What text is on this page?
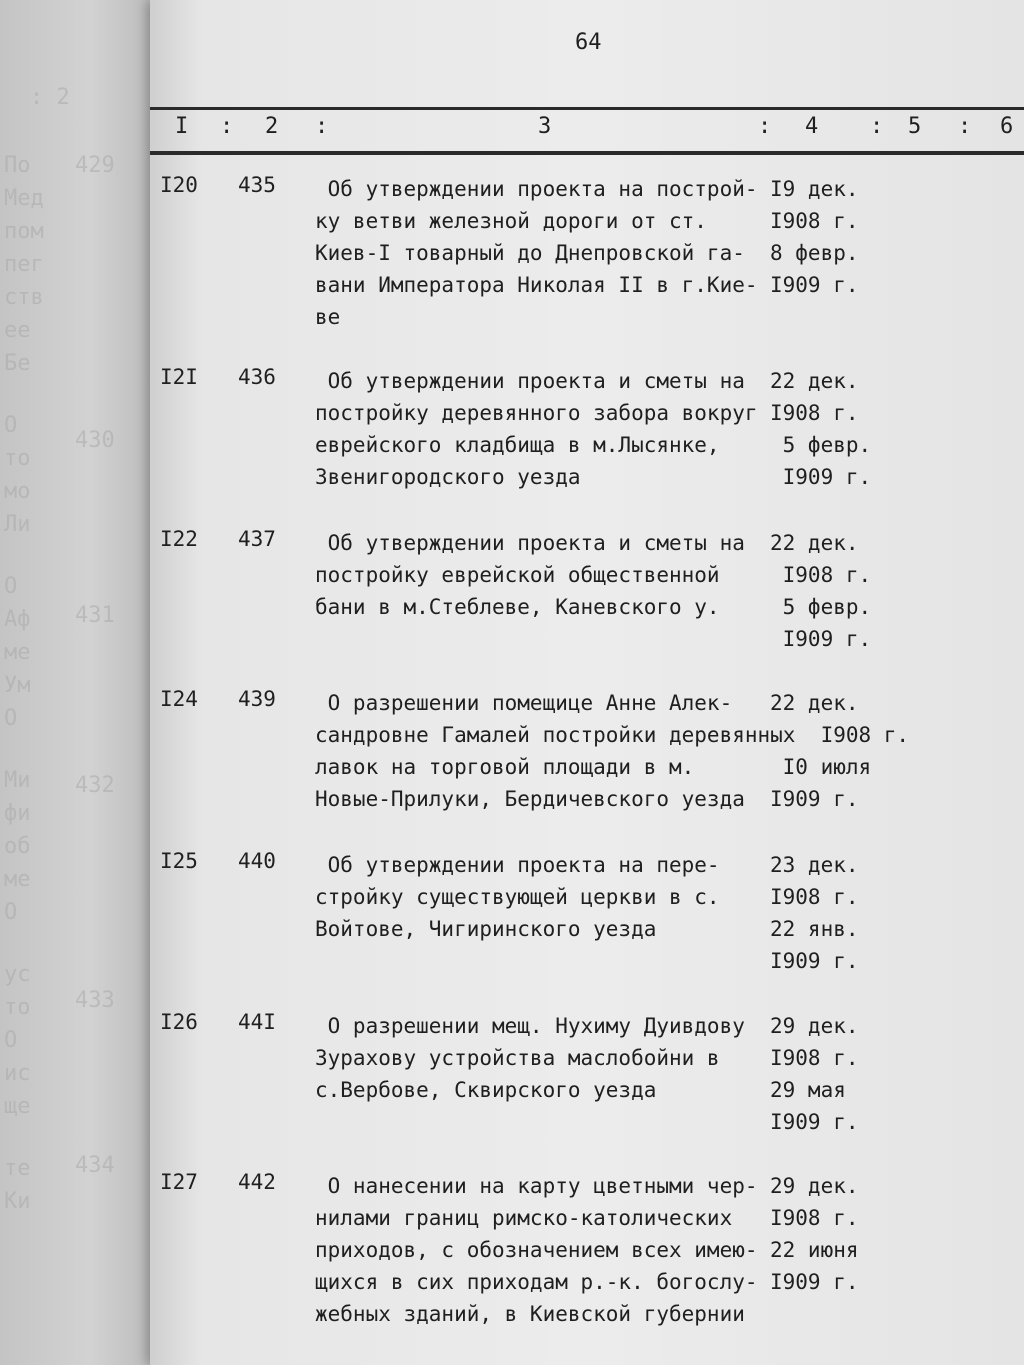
: 2
429
430
431
432
433
434
По
Мед
пом
пег
ств
ее
Бе
О
то
мо
Ли
О
Аф
ме
Ум
О
Ми
фи
об
ме
О
ус
то
О
ис
ще
те
Ки
64
I : 2 :	3	: 4 : 5 : 6
I20 435 Об утверждении проекта на построй-
ку ветви железной дороги от ст.
Киев-I товарный до Днепровской га-
вани Императора Николая II в г.Кие-
ве
I9 дек.
I908 г.
8 февр.
I909 г.
I2I 436 Об утверждении проекта и сметы на
постройку деревянного забора вокруг
еврейского кладбища в м.Лысянке,
Звенигородского уезда
22 дек.
I908 г.
5 февр.
I909 г.
I22 437 Об утверждении проекта и сметы на
постройку еврейской общественной
бани в м.Стеблеве, Каневского у.
22 дек.
I908 г.
5 февр.
I909 г.
I24 439 О разрешении помещице Анне Алек-
сандровне Гамалей постройки деревянных
лавок на торговой площади в м.
Новые-Прилуки, Бердичевского уезда
22 дек.
I908 г.
I0 июля
I909 г.
I25 440 Об утверждении проекта на пере-
стройку существующей церкви в с.
Войтове, Чигиринского уезда
23 дек.
I908 г.
22 янв.
I909 г.
I26 44I О разрешении мещ. Нухиму Дуивдову
Зурахову устройства маслобойни в
с.Вербове, Сквирского уезда
29 дек.
I908 г.
29 мая
I909 г.
I27 442 О нанесении на карту цветными чер-
нилами границ римско-католических
приходов, с обозначением всех имею-
щихся в сих приходам р.-к. богослу-
жебных зданий, в Киевской губернии
29 дек.
I908 г.
22 июня
I909 г.
